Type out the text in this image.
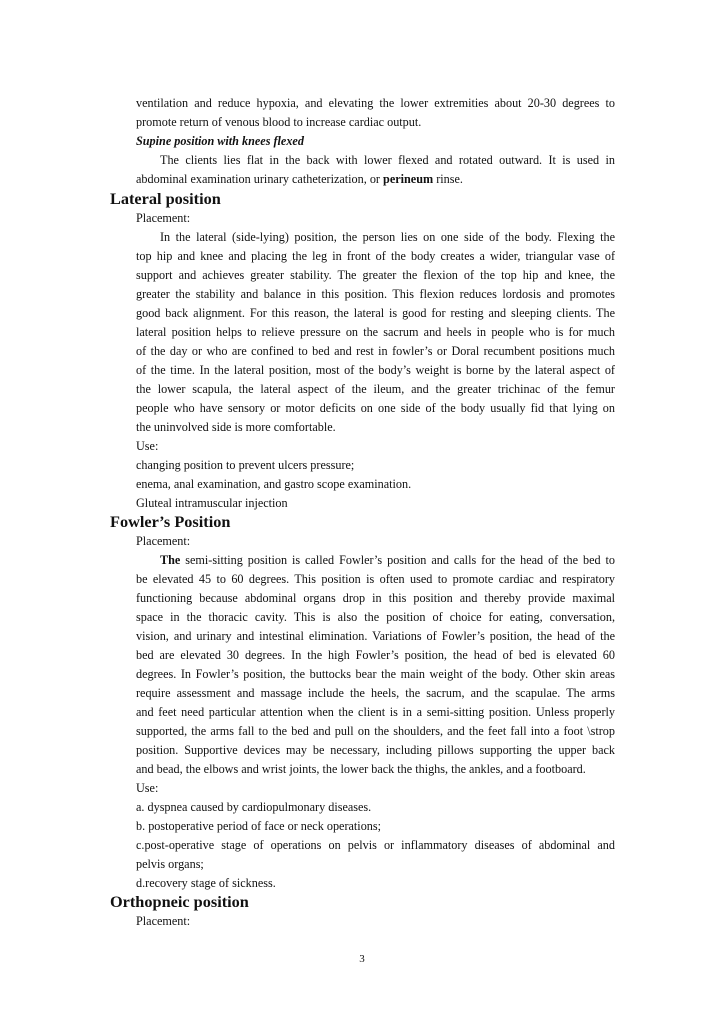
ventilation and reduce hypoxia, and elevating the lower extremities about 20-30 degrees to
promote return of venous blood to increase cardiac output.
Supine position with knees flexed
The clients lies flat in the back with lower flexed and rotated outward. It is used in
abdominal examination urinary catheterization, or perineum rinse.
Lateral position
Placement:
In the lateral (side-lying) position, the person lies on one side of the body. Flexing the
top hip and knee and placing the leg in front of the body creates a wider, triangular vase of
support and achieves greater stability. The greater the flexion of the top hip and knee, the
greater the stability and balance in this position. This flexion reduces lordosis and promotes
good back alignment. For this reason, the lateral is good for resting and sleeping clients. The
lateral position helps to relieve pressure on the sacrum and heels in people who is for much
of the day or who are confined to bed and rest in fowler’s or Doral recumbent positions much
of the time. In the lateral position, most of the body’s weight is borne by the lateral aspect of
the lower scapula, the lateral aspect of the ileum, and the greater trichinac of the femur
people who have sensory or motor deficits on one side of the body usually fid that lying on
the uninvolved side is more comfortable.
Use:
changing position to prevent ulcers pressure;
enema, anal examination, and gastro scope examination.
Gluteal intramuscular injection
Fowler’s Position
Placement:
The semi-sitting position is called Fowler’s position and calls for the head of the bed to
be elevated 45 to 60 degrees. This position is often used to promote cardiac and respiratory
functioning because abdominal organs drop in this position and thereby provide maximal
space in the thoracic cavity. This is also the position of choice for eating, conversation,
vision, and urinary and intestinal elimination. Variations of Fowler’s position, the head of the
bed are elevated 30 degrees. In the high Fowler’s position, the head of bed is elevated 60
degrees. In Fowler’s position, the buttocks bear the main weight of the body. Other skin areas
require assessment and massage include the heels, the sacrum, and the scapulae. The arms
and feet need particular attention when the client is in a semi-sitting position. Unless properly
supported, the arms fall to the bed and pull on the shoulders, and the feet fall into a foot \strop
position. Supportive devices may be necessary, including pillows supporting the upper back
and bead, the elbows and wrist joints, the lower back the thighs, the ankles, and a footboard.
Use:
a. dyspnea caused by cardiopulmonary diseases.
b. postoperative period of face or neck operations;
c.post-operative stage of operations on pelvis or inflammatory diseases of abdominal and
pelvis organs;
d.recovery stage of sickness.
Orthopneic position
Placement:
3
